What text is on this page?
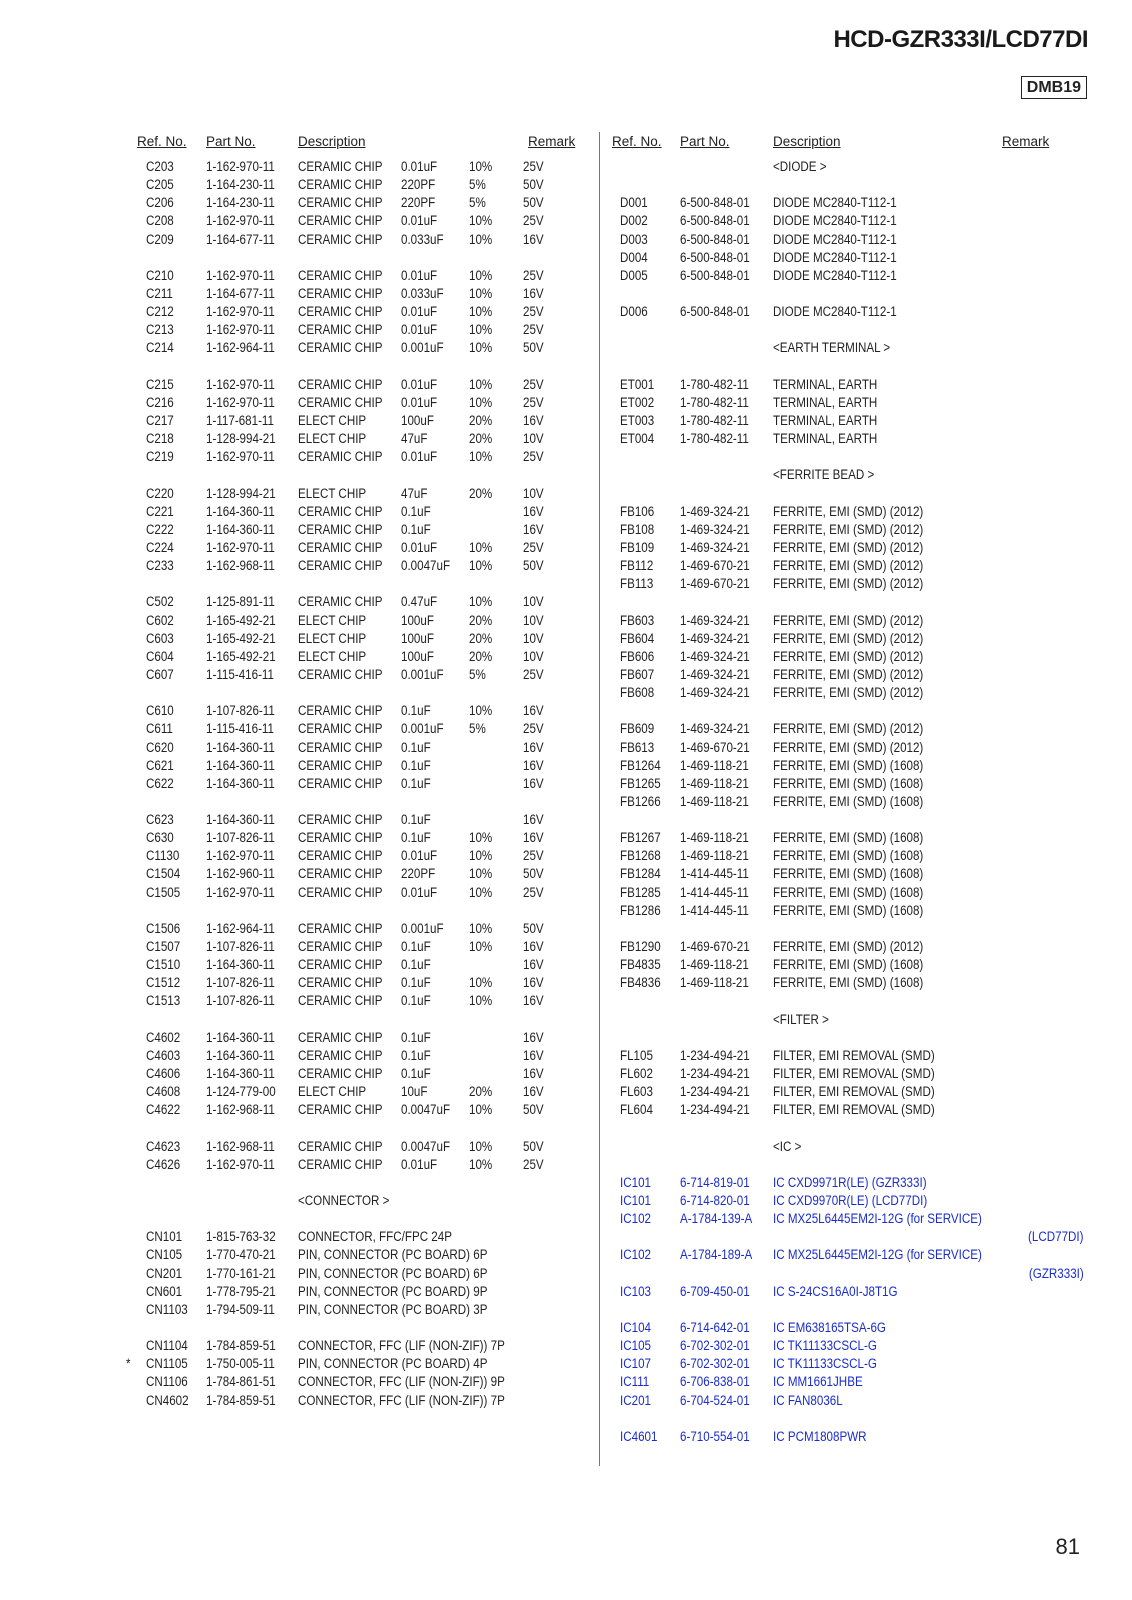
HCD-GZR333I/LCD77DI
DMB19
Ref. No. Part No.	Description	Remark
C203 1-162-970-11 CERAMIC CHIP 0.01uF 10% 25V
C205 1-164-230-11 CERAMIC CHIP 220PF	5%	50V
C206 1-164-230-11 CERAMIC CHIP 220PF	5%	50V
C208 1-162-970-11 CERAMIC CHIP 0.01uF 10% 25V
C209 1-164-677-11 CERAMIC CHIP 0.033uF 10% 16V
C210 1-162-970-11 CERAMIC CHIP 0.01uF 10% 25V
C211 1-164-677-11 CERAMIC CHIP 0.033uF 10% 16V
C212 1-162-970-11 CERAMIC CHIP 0.01uF 10% 25V
C213 1-162-970-11 CERAMIC CHIP 0.01uF 10% 25V
C214 1-162-964-11 CERAMIC CHIP 0.001uF 10% 50V
C215 1-162-970-11 CERAMIC CHIP 0.01uF 10% 25V
C216 1-162-970-11 CERAMIC CHIP 0.01uF 10% 25V
C217 1-117-681-11 ELECT CHIP	100uF	20% 16V
C218 1-128-994-21 ELECT CHIP	47uF	20% 10V
C219 1-162-970-11 CERAMIC CHIP 0.01uF 10% 25V
C220 1-128-994-21 ELECT CHIP	47uF	20% 10V
C221 1-164-360-11 CERAMIC CHIP 0.1uF	16V
C222 1-164-360-11 CERAMIC CHIP 0.1uF	16V
C224 1-162-970-11 CERAMIC CHIP 0.01uF 10% 25V
C233 1-162-968-11 CERAMIC CHIP 0.0047uF 10% 50V
C502 1-125-891-11 CERAMIC CHIP 0.47uF 10% 10V
C602 1-165-492-21 ELECT CHIP	100uF	20% 10V
C603 1-165-492-21 ELECT CHIP	100uF	20% 10V
C604 1-165-492-21 ELECT CHIP	100uF	20% 10V
C607 1-115-416-11 CERAMIC CHIP 0.001uF 5%	25V
C610 1-107-826-11 CERAMIC CHIP 0.1uF	10% 16V
C611 1-115-416-11 CERAMIC CHIP 0.001uF 5%	25V
C620 1-164-360-11 CERAMIC CHIP 0.1uF	16V
C621 1-164-360-11 CERAMIC CHIP 0.1uF	16V
C622 1-164-360-11 CERAMIC CHIP 0.1uF	16V
C623 1-164-360-11 CERAMIC CHIP 0.1uF	16V
C630 1-107-826-11 CERAMIC CHIP 0.1uF	10% 16V
C1130 1-162-970-11 CERAMIC CHIP 0.01uF 10% 25V
C1504 1-162-960-11 CERAMIC CHIP 220PF	10% 50V
C1505 1-162-970-11 CERAMIC CHIP 0.01uF 10% 25V
C1506 1-162-964-11 CERAMIC CHIP 0.001uF 10% 50V
C1507 1-107-826-11 CERAMIC CHIP 0.1uF	10% 16V
C1510 1-164-360-11 CERAMIC CHIP 0.1uF	16V
C1512 1-107-826-11 CERAMIC CHIP 0.1uF	10% 16V
C1513 1-107-826-11 CERAMIC CHIP 0.1uF	10% 16V
C4602 1-164-360-11 CERAMIC CHIP 0.1uF	16V
C4603 1-164-360-11 CERAMIC CHIP 0.1uF	16V
C4606 1-164-360-11 CERAMIC CHIP 0.1uF	16V
C4608 1-124-779-00 ELECT CHIP	10uF	20% 16V
C4622 1-162-968-11 CERAMIC CHIP 0.0047uF 10% 50V
C4623 1-162-968-11 CERAMIC CHIP 0.0047uF 10% 50V
C4626 1-162-970-11 CERAMIC CHIP 0.01uF 10% 25V
<CONNECTOR >
CN101 1-815-763-32 CONNECTOR, FFC/FPC 24P
CN105 1-770-470-21 PIN, CONNECTOR (PC BOARD) 6P
CN201 1-770-161-21 PIN, CONNECTOR (PC BOARD) 6P
CN601 1-778-795-21 PIN, CONNECTOR (PC BOARD) 9P
CN1103 1-794-509-11 PIN, CONNECTOR (PC BOARD) 3P
CN1104 1-784-859-51 CONNECTOR, FFC (LIF (NON-ZIF)) 7P
* CN1105 1-750-005-11 PIN, CONNECTOR (PC BOARD) 4P
CN1106 1-784-861-51 CONNECTOR, FFC (LIF (NON-ZIF)) 9P
CN4602 1-784-859-51 CONNECTOR, FFC (LIF (NON-ZIF)) 7P
Ref. No. Part No.	Description	Remark
<DIODE >
D001 6-500-848-01 DIODE MC2840-T112-1
D002 6-500-848-01 DIODE MC2840-T112-1
D003 6-500-848-01 DIODE MC2840-T112-1
D004 6-500-848-01 DIODE MC2840-T112-1
D005 6-500-848-01 DIODE MC2840-T112-1
D006 6-500-848-01 DIODE MC2840-T112-1
<EARTH TERMINAL >
ET001 1-780-482-11 TERMINAL, EARTH
ET002 1-780-482-11 TERMINAL, EARTH
ET003 1-780-482-11 TERMINAL, EARTH
ET004 1-780-482-11 TERMINAL, EARTH
<FERRITE BEAD >
FB106 1-469-324-21 FERRITE, EMI (SMD) (2012)
FB108 1-469-324-21 FERRITE, EMI (SMD) (2012)
FB109 1-469-324-21 FERRITE, EMI (SMD) (2012)
FB112 1-469-670-21 FERRITE, EMI (SMD) (2012)
FB113 1-469-670-21 FERRITE, EMI (SMD) (2012)
FB603 1-469-324-21 FERRITE, EMI (SMD) (2012)
FB604 1-469-324-21 FERRITE, EMI (SMD) (2012)
FB606 1-469-324-21 FERRITE, EMI (SMD) (2012)
FB607 1-469-324-21 FERRITE, EMI (SMD) (2012)
FB608 1-469-324-21 FERRITE, EMI (SMD) (2012)
FB609 1-469-324-21 FERRITE, EMI (SMD) (2012)
FB613 1-469-670-21 FERRITE, EMI (SMD) (2012)
FB1264 1-469-118-21 FERRITE, EMI (SMD) (1608)
FB1265 1-469-118-21 FERRITE, EMI (SMD) (1608)
FB1266 1-469-118-21 FERRITE, EMI (SMD) (1608)
FB1267 1-469-118-21 FERRITE, EMI (SMD) (1608)
FB1268 1-469-118-21 FERRITE, EMI (SMD) (1608)
FB1284 1-414-445-11 FERRITE, EMI (SMD) (1608)
FB1285 1-414-445-11 FERRITE, EMI (SMD) (1608)
FB1286 1-414-445-11 FERRITE, EMI (SMD) (1608)
FB1290 1-469-670-21 FERRITE, EMI (SMD) (2012)
FB4835 1-469-118-21 FERRITE, EMI (SMD) (1608)
FB4836 1-469-118-21 FERRITE, EMI (SMD) (1608)
<FILTER >
FL105 1-234-494-21 FILTER, EMI REMOVAL (SMD)
FL602 1-234-494-21 FILTER, EMI REMOVAL (SMD)
FL603 1-234-494-21 FILTER, EMI REMOVAL (SMD)
FL604 1-234-494-21 FILTER, EMI REMOVAL (SMD)
<IC >
IC101 6-714-819-01 IC CXD9971R(LE) (GZR333I)
IC101 6-714-820-01 IC CXD9970R(LE) (LCD77DI)
IC102 A-1784-139-A IC MX25L6445EM2I-12G (for SERVICE)
(LCD77DI)
IC102 A-1784-189-A IC MX25L6445EM2I-12G (for SERVICE)
(GZR333I)
IC103 6-709-450-01 IC S-24CS16A0I-J8T1G
IC104 6-714-642-01 IC EM638165TSA-6G
IC105 6-702-302-01 IC TK11133CSCL-G
IC107 6-702-302-01 IC TK11133CSCL-G
IC111 6-706-838-01 IC MM1661JHBE
IC201 6-704-524-01 IC FAN8036L
IC4601 6-710-554-01 IC PCM1808PWR
81
